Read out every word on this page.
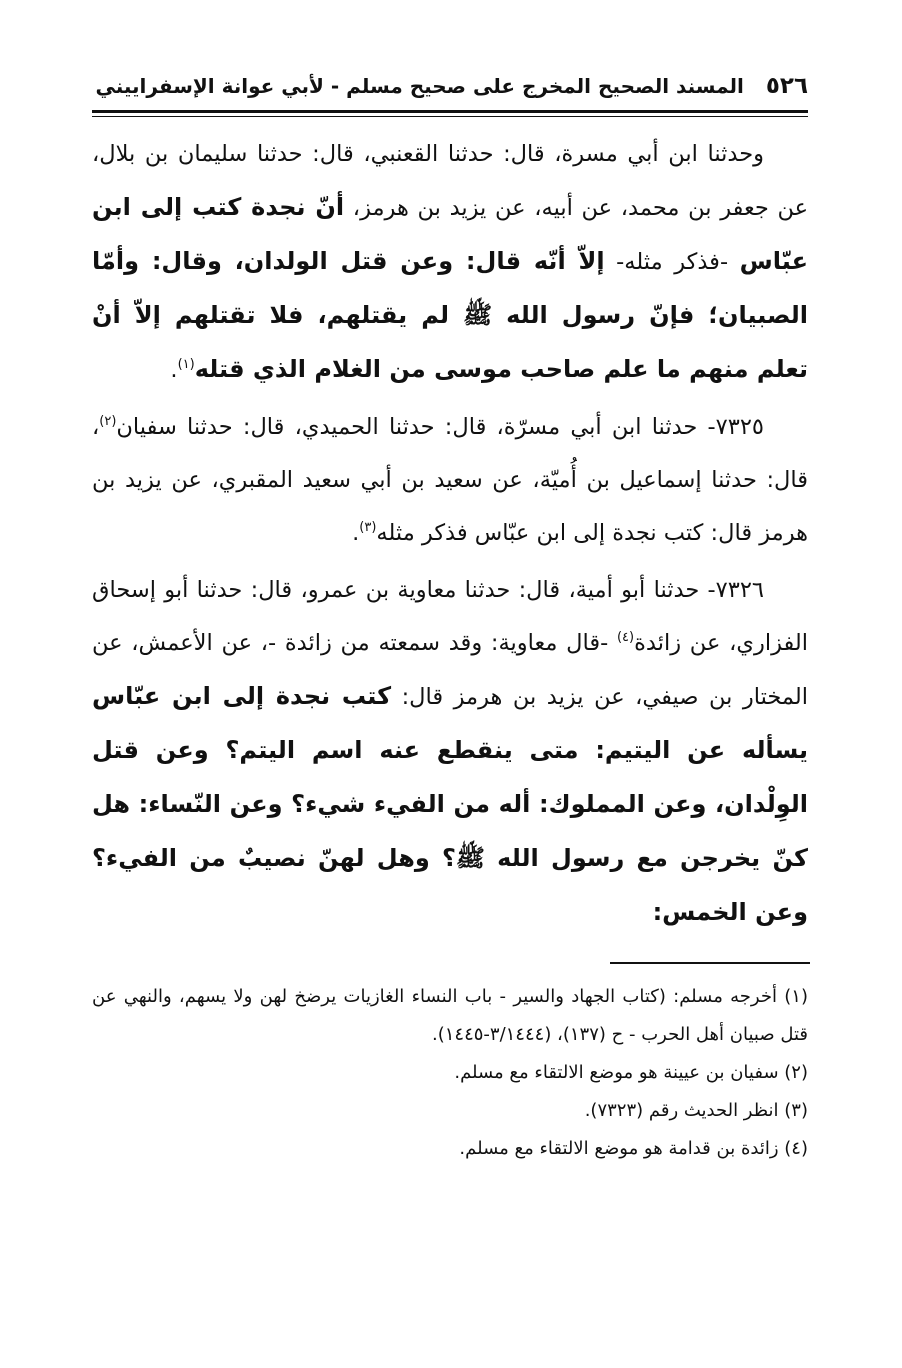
٥٢٦
المسند الصحيح المخرج على صحيح مسلم - لأبي عوانة الإسفراييني

وحدثنا ابن أبي مسرة، قال: حدثنا القعنبي، قال: حدثنا سليمان بن بلال، عن جعفر بن محمد، عن أبيه، عن يزيد بن هرمز، أنّ نجدة كتب إلى ابن عبّاس -فذكر مثله- إلاّ أنّه قال: وعن قتل الولدان، وقال: وأمّا الصبيان؛ فإنّ رسول الله ﷺ لم يقتلهم، فلا تقتلهم إلاّ أنْ تعلم منهم ما علم صاحب موسى من الغلام الذي قتله$^{(١)}$.

٧٣٢٥- حدثنا ابن أبي مسرّة، قال: حدثنا الحميدي، قال: حدثنا سفيان$^{(٢)}$، قال: حدثنا إسماعيل بن أُميّة، عن سعيد بن أبي سعيد المقبري، عن يزيد بن هرمز قال: كتب نجدة إلى ابن عبّاس فذكر مثله$^{(٣)}$.

٧٣٢٦- حدثنا أبو أمية، قال: حدثنا معاوية بن عمرو، قال: حدثنا أبو إسحاق الفزاري، عن زائدة$^{(٤)}$ -قال معاوية: وقد سمعته من زائدة -، عن الأعمش، عن المختار بن صيفي، عن يزيد بن هرمز قال: كتب نجدة إلى ابن عبّاس يسأله عن اليتيم: متى ينقطع عنه اسم اليتم؟ وعن قتل الوِلْدان، وعن المملوك: أله من الفيء شيء؟ وعن النّساء: هل كنّ يخرجن مع رسول الله ﷺ؟ وهل لهنّ نصيبٌ من الفيء؟ وعن الخمس:

(١) أخرجه مسلم: (كتاب الجهاد والسير - باب النساء الغازيات يرضخ لهن ولا يسهم، والنهي عن قتل صبيان أهل الحرب - ح (١٣٧)، (٣/١٤٤٤-١٤٤٥).

(٢) سفيان بن عيينة هو موضع الالتقاء مع مسلم.

(٣) انظر الحديث رقم (٧٣٢٣).

(٤) زائدة بن قدامة هو موضع الالتقاء مع مسلم.
